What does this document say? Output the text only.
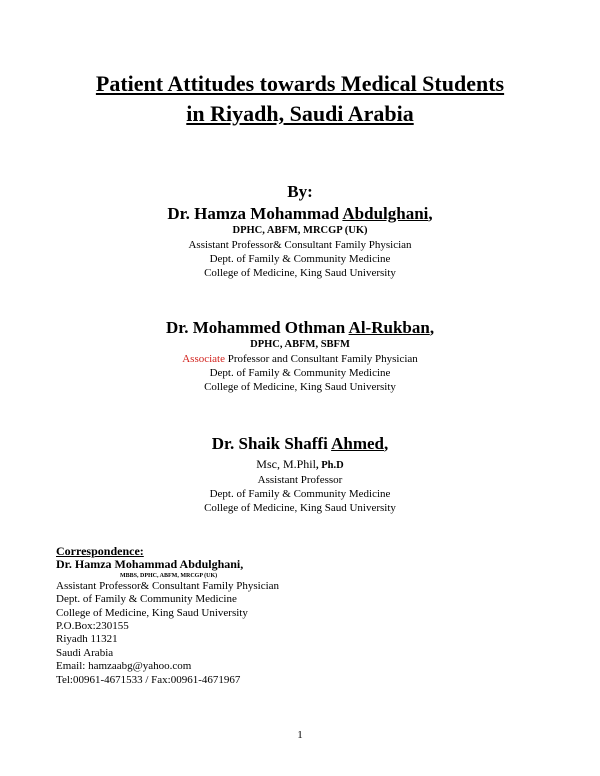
Patient Attitudes towards Medical Students
in Riyadh, Saudi Arabia
By:
Dr. Hamza Mohammad Abdulghani,
DPHC, ABFM, MRCGP (UK)
Assistant Professor& Consultant Family Physician
Dept. of Family & Community Medicine
College of Medicine, King Saud University
Dr. Mohammed Othman Al-Rukban,
DPHC, ABFM, SBFM
Associate Professor and Consultant Family Physician
Dept. of Family & Community Medicine
College of Medicine, King Saud University
Dr. Shaik Shaffi Ahmed,
Msc, M.Phil, Ph.D
Assistant Professor
Dept. of Family & Community Medicine
College of Medicine, King Saud University
Correspondence:
Dr. Hamza Mohammad Abdulghani,
MBBS, DPHC, ABFM, MRCGP (UK)
Assistant Professor& Consultant Family Physician
Dept. of Family & Community Medicine
College of Medicine, King Saud University
P.O.Box:230155
Riyadh 11321
Saudi Arabia
Email: hamzaabg@yahoo.com
Tel:00961-4671533 / Fax:00961-4671967
1
